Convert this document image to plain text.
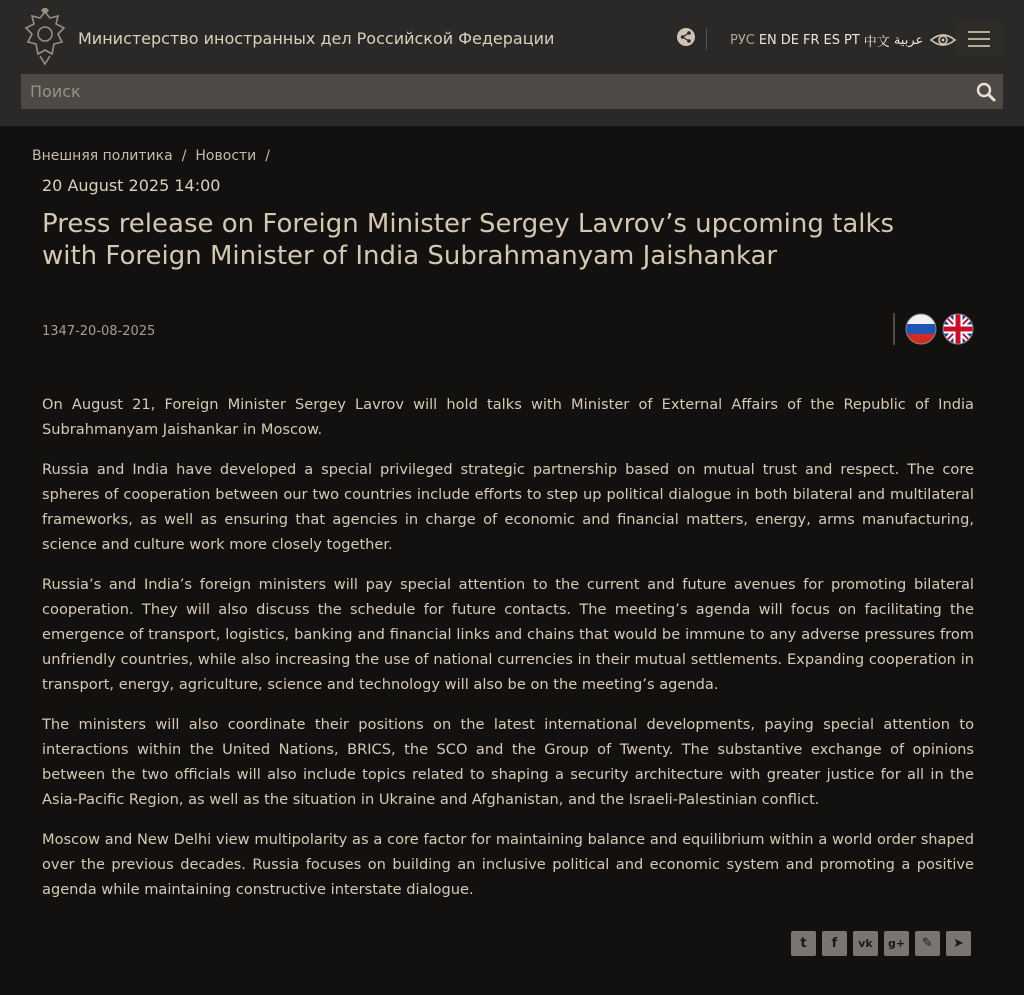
Министерство иностранных дел Российской Федерации	РУС EN DE FR ES PT 中文 عربية
Поиск
Внешняя политика / Новости /
20 August 2025 14:00
Press release on Foreign Minister Sergey Lavrov’s upcoming talks with Foreign Minister of India Subrahmanyam Jaishankar
1347-20-08-2025

On August 21, Foreign Minister Sergey Lavrov will hold talks with Minister of External Affairs of the Republic of India Subrahmanyam Jaishankar in Moscow.

Russia and India have developed a special privileged strategic partnership based on mutual trust and respect. The core spheres of cooperation between our two countries include efforts to step up political dialogue in both bilateral and multilateral frameworks, as well as ensuring that agencies in charge of economic and financial matters, energy, arms manufacturing, science and culture work more closely together.

Russia’s and India’s foreign ministers will pay special attention to the current and future avenues for promoting bilateral cooperation. They will also discuss the schedule for future contacts. The meeting’s agenda will focus on facilitating the emergence of transport, logistics, banking and financial links and chains that would be immune to any adverse pressures from unfriendly countries, while also increasing the use of national currencies in their mutual settlements. Expanding cooperation in transport, energy, agriculture, science and technology will also be on the meeting’s agenda.

The ministers will also coordinate their positions on the latest international developments, paying special attention to interactions within the United Nations, BRICS, the SCO and the Group of Twenty. The substantive exchange of opinions between the two officials will also include topics related to shaping a security architecture with greater justice for all in the Asia-Pacific Region, as well as the situation in Ukraine and Afghanistan, and the Israeli-Palestinian conflict.

Moscow and New Delhi view multipolarity as a core factor for maintaining balance and equilibrium within a world order shaped over the previous decades. Russia focuses on building an inclusive political and economic system and promoting a positive agenda while maintaining constructive interstate dialogue.

t	f	vk	g+	✎	➤
